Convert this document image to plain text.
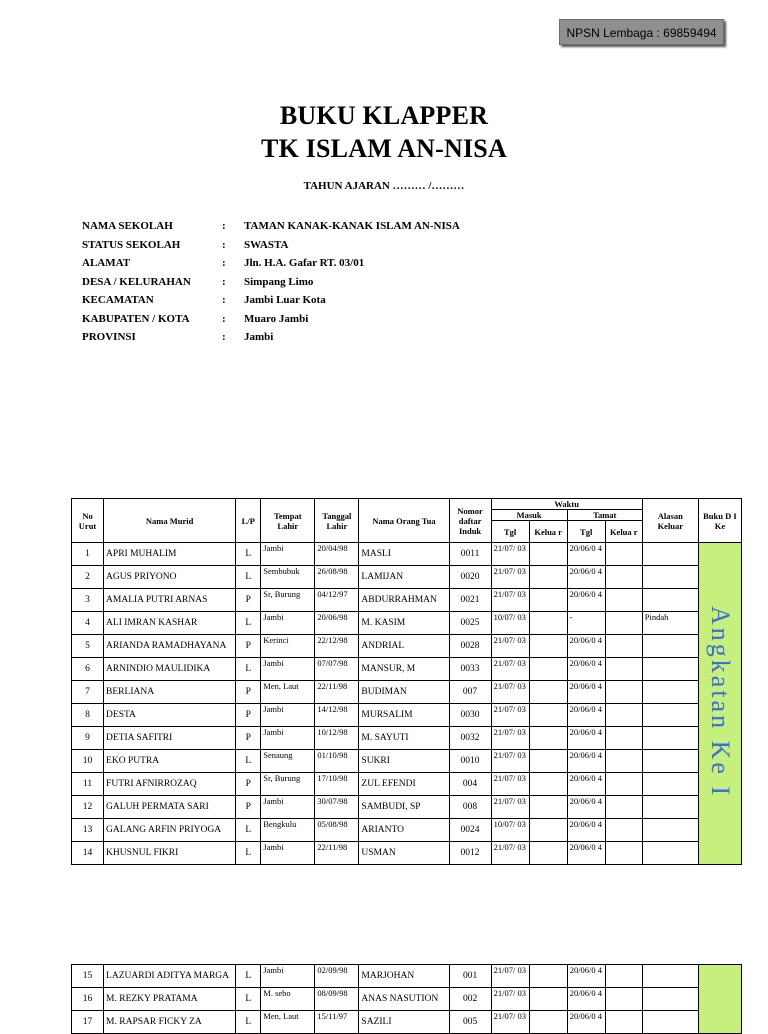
NPSN Lembaga : 69859494
BUKU KLAPPER
TK ISLAM AN-NISA
TAHUN AJARAN ……… /………
NAMA SEKOLAH	:	TAMAN KANAK-KANAK ISLAM AN-NISA
STATUS SEKOLAH	:	SWASTA
ALAMAT	:	Jln. H.A. Gafar RT. 03/01
DESA / KELURAHAN	:	Simpang Limo
KECAMATAN	:	Jambi Luar Kota
KABUPATEN / KOTA	:	Muaro Jambi
PROVINSI	:	Jambi
No Urut	Nama Murid	L/P	Tempat Lahir	Tanggal Lahir	Nama Orang Tua	Nomor daftar Induk	Waktu				Alasan Keluar	Buku D I Ke
							Masuk		Tamat			
							Tgl	Kelua r	Tgl	Kelua r		
1	APRI MUHALIM	L	Jambi	20/04/98	MASLI	0011	21/07/ 03		20/06/0 4			Angkatan Ke I
2	AGUS PRIYONO	L	Sembubuk	26/08/98	LAMIJAN	0020	21/07/ 03		20/06/0 4			
3	AMALIA PUTRI ARNAS	P	Sr, Burung	04/12/97	ABDURRAHMAN	0021	21/07/ 03		20/06/0 4			
4	ALI IMRAN KASHAR	L	Jambi	20/06/98	M. KASIM	0025	10/07/ 03		-		Pindah	
5	ARIANDA RAMADHAYANA	P	Kerinci	22/12/98	ANDRIAL	0028	21/07/ 03		20/06/0 4			
6	ARNINDIO MAULIDIKA	L	Jambi	07/07/98	MANSUR, M	0033	21/07/ 03		20/06/0 4			
7	BERLIANA	P	Men, Laut	22/11/98	BUDIMAN	007	21/07/ 03		20/06/0 4			
8	DESTA	P	Jambi	14/12/98	MURSALIM	0030	21/07/ 03		20/06/0 4			
9	DETIA SAFITRI	P	Jambi	10/12/98	M. SAYUTI	0032	21/07/ 03		20/06/0 4			
10	EKO PUTRA	L	Senaung	01/10/98	SUKRI	0010	21/07/ 03		20/06/0 4			
11	FUTRI AFNIRROZAQ	P	Sr, Burung	17/10/98	ZUL EFENDI	004	21/07/ 03		20/06/0 4			
12	GALUH PERMATA SARI	P	Jambi	30/07/98	SAMBUDI, SP	008	21/07/ 03		20/06/0 4			
13	GALANG ARFIN PRIYOGA	L	Bengkulu	05/08/98	ARIANTO	0024	10/07/ 03		20/06/0 4			
14	KHUSNUL FIKRI	L	Jambi	22/11/98	USMAN	0012	21/07/ 03		20/06/0 4			
15	LAZUARDI ADITYA MARGA	L	Jambi	02/09/98	MARJOHAN	001	21/07/ 03		20/06/0 4			
16	M. REZKY PRATAMA	L	M. sebo	08/09/98	ANAS NASUTION	002	21/07/ 03		20/06/0 4			
17	M. RAPSAR FICKY ZA	L	Men, Laut	15/11/97	SAZILI	005	21/07/ 03		20/06/0 4			
